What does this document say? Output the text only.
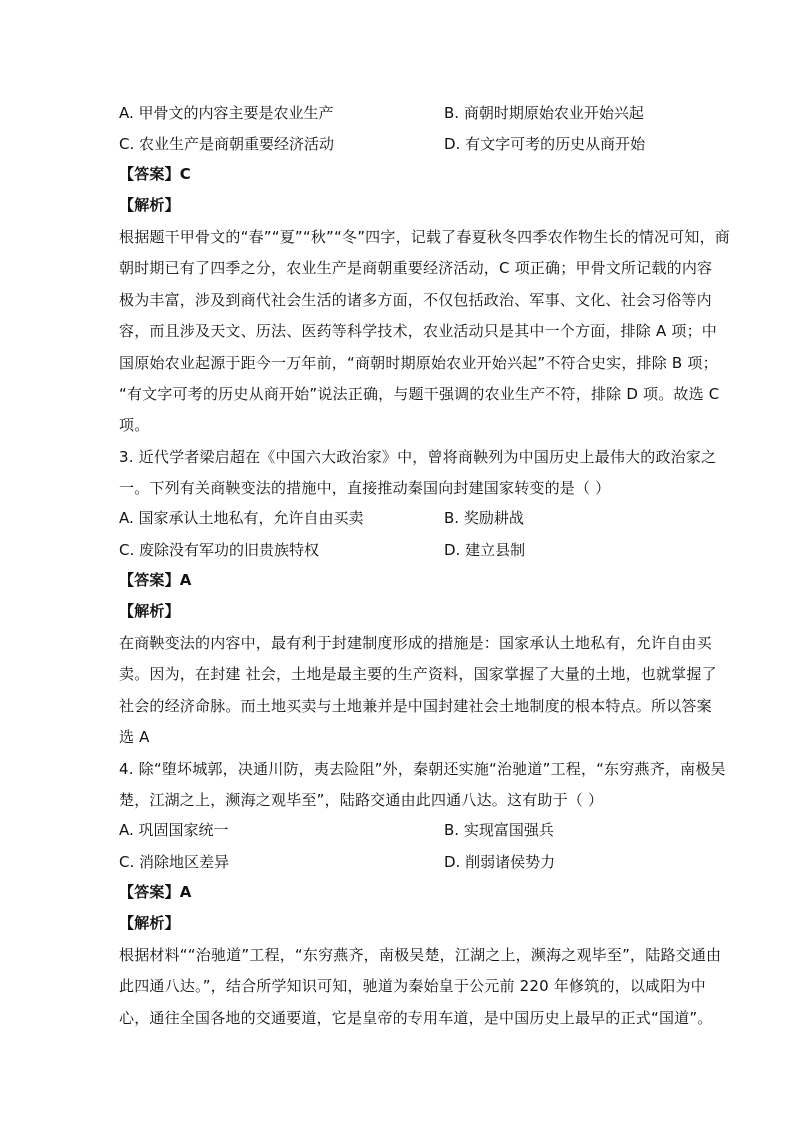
A. 甲骨文的内容主要是农业生产	B. 商朝时期原始农业开始兴起
C. 农业生产是商朝重要经济活动	D. 有文字可考的历史从商开始
【答案】C
【解析】
根据题干甲骨文的“春”“夏”“秋”“冬”四字，记载了春夏秋冬四季农作物生长的情况可知，商
朝时期已有了四季之分，农业生产是商朝重要经济活动，C 项正确；甲骨文所记载的内容
极为丰富，涉及到商代社会生活的诸多方面，不仅包括政治、军事、文化、社会习俗等内
容，而且涉及天文、历法、医药等科学技术，农业活动只是其中一个方面，排除 A 项；中
国原始农业起源于距今一万年前，“商朝时期原始农业开始兴起”不符合史实，排除 B 项；
“有文字可考的历史从商开始”说法正确，与题干强调的农业生产不符，排除 D 项。故选 C
项。
3. 近代学者梁启超在《中国六大政治家》中，曾将商鞅列为中国历史上最伟大的政治家之
一。下列有关商鞅变法的措施中，直接推动秦国向封建国家转变的是（ ）
A. 国家承认土地私有，允许自由买卖	B. 奖励耕战
C. 废除没有军功的旧贵族特权	D. 建立县制
【答案】A
【解析】
在商鞅变法的内容中，最有利于封建制度形成的措施是：国家承认土地私有，允许自由买
卖。因为，在封建 社会，土地是最主要的生产资料，国家掌握了大量的土地，也就掌握了
社会的经济命脉。而土地买卖与土地兼并是中国封建社会土地制度的根本特点。所以答案
选 A
4. 除“堕坏城郭，决通川防，夷去险阻”外，秦朝还实施“治驰道”工程，“东穷燕齐，南极吴
楚，江湖之上，濒海之观毕至”，陆路交通由此四通八达。这有助于（ ）
A. 巩固国家统一	B. 实现富国强兵
C. 消除地区差异	D. 削弱诸侯势力
【答案】A
【解析】
根据材料““治驰道”工程，“东穷燕齐，南极吴楚，江湖之上，濒海之观毕至”，陆路交通由
此四通八达。”，结合所学知识可知，驰道为秦始皇于公元前 220 年修筑的，以咸阳为中
心，通往全国各地的交通要道，它是皇帝的专用车道，是中国历史上最早的正式“国道”。
